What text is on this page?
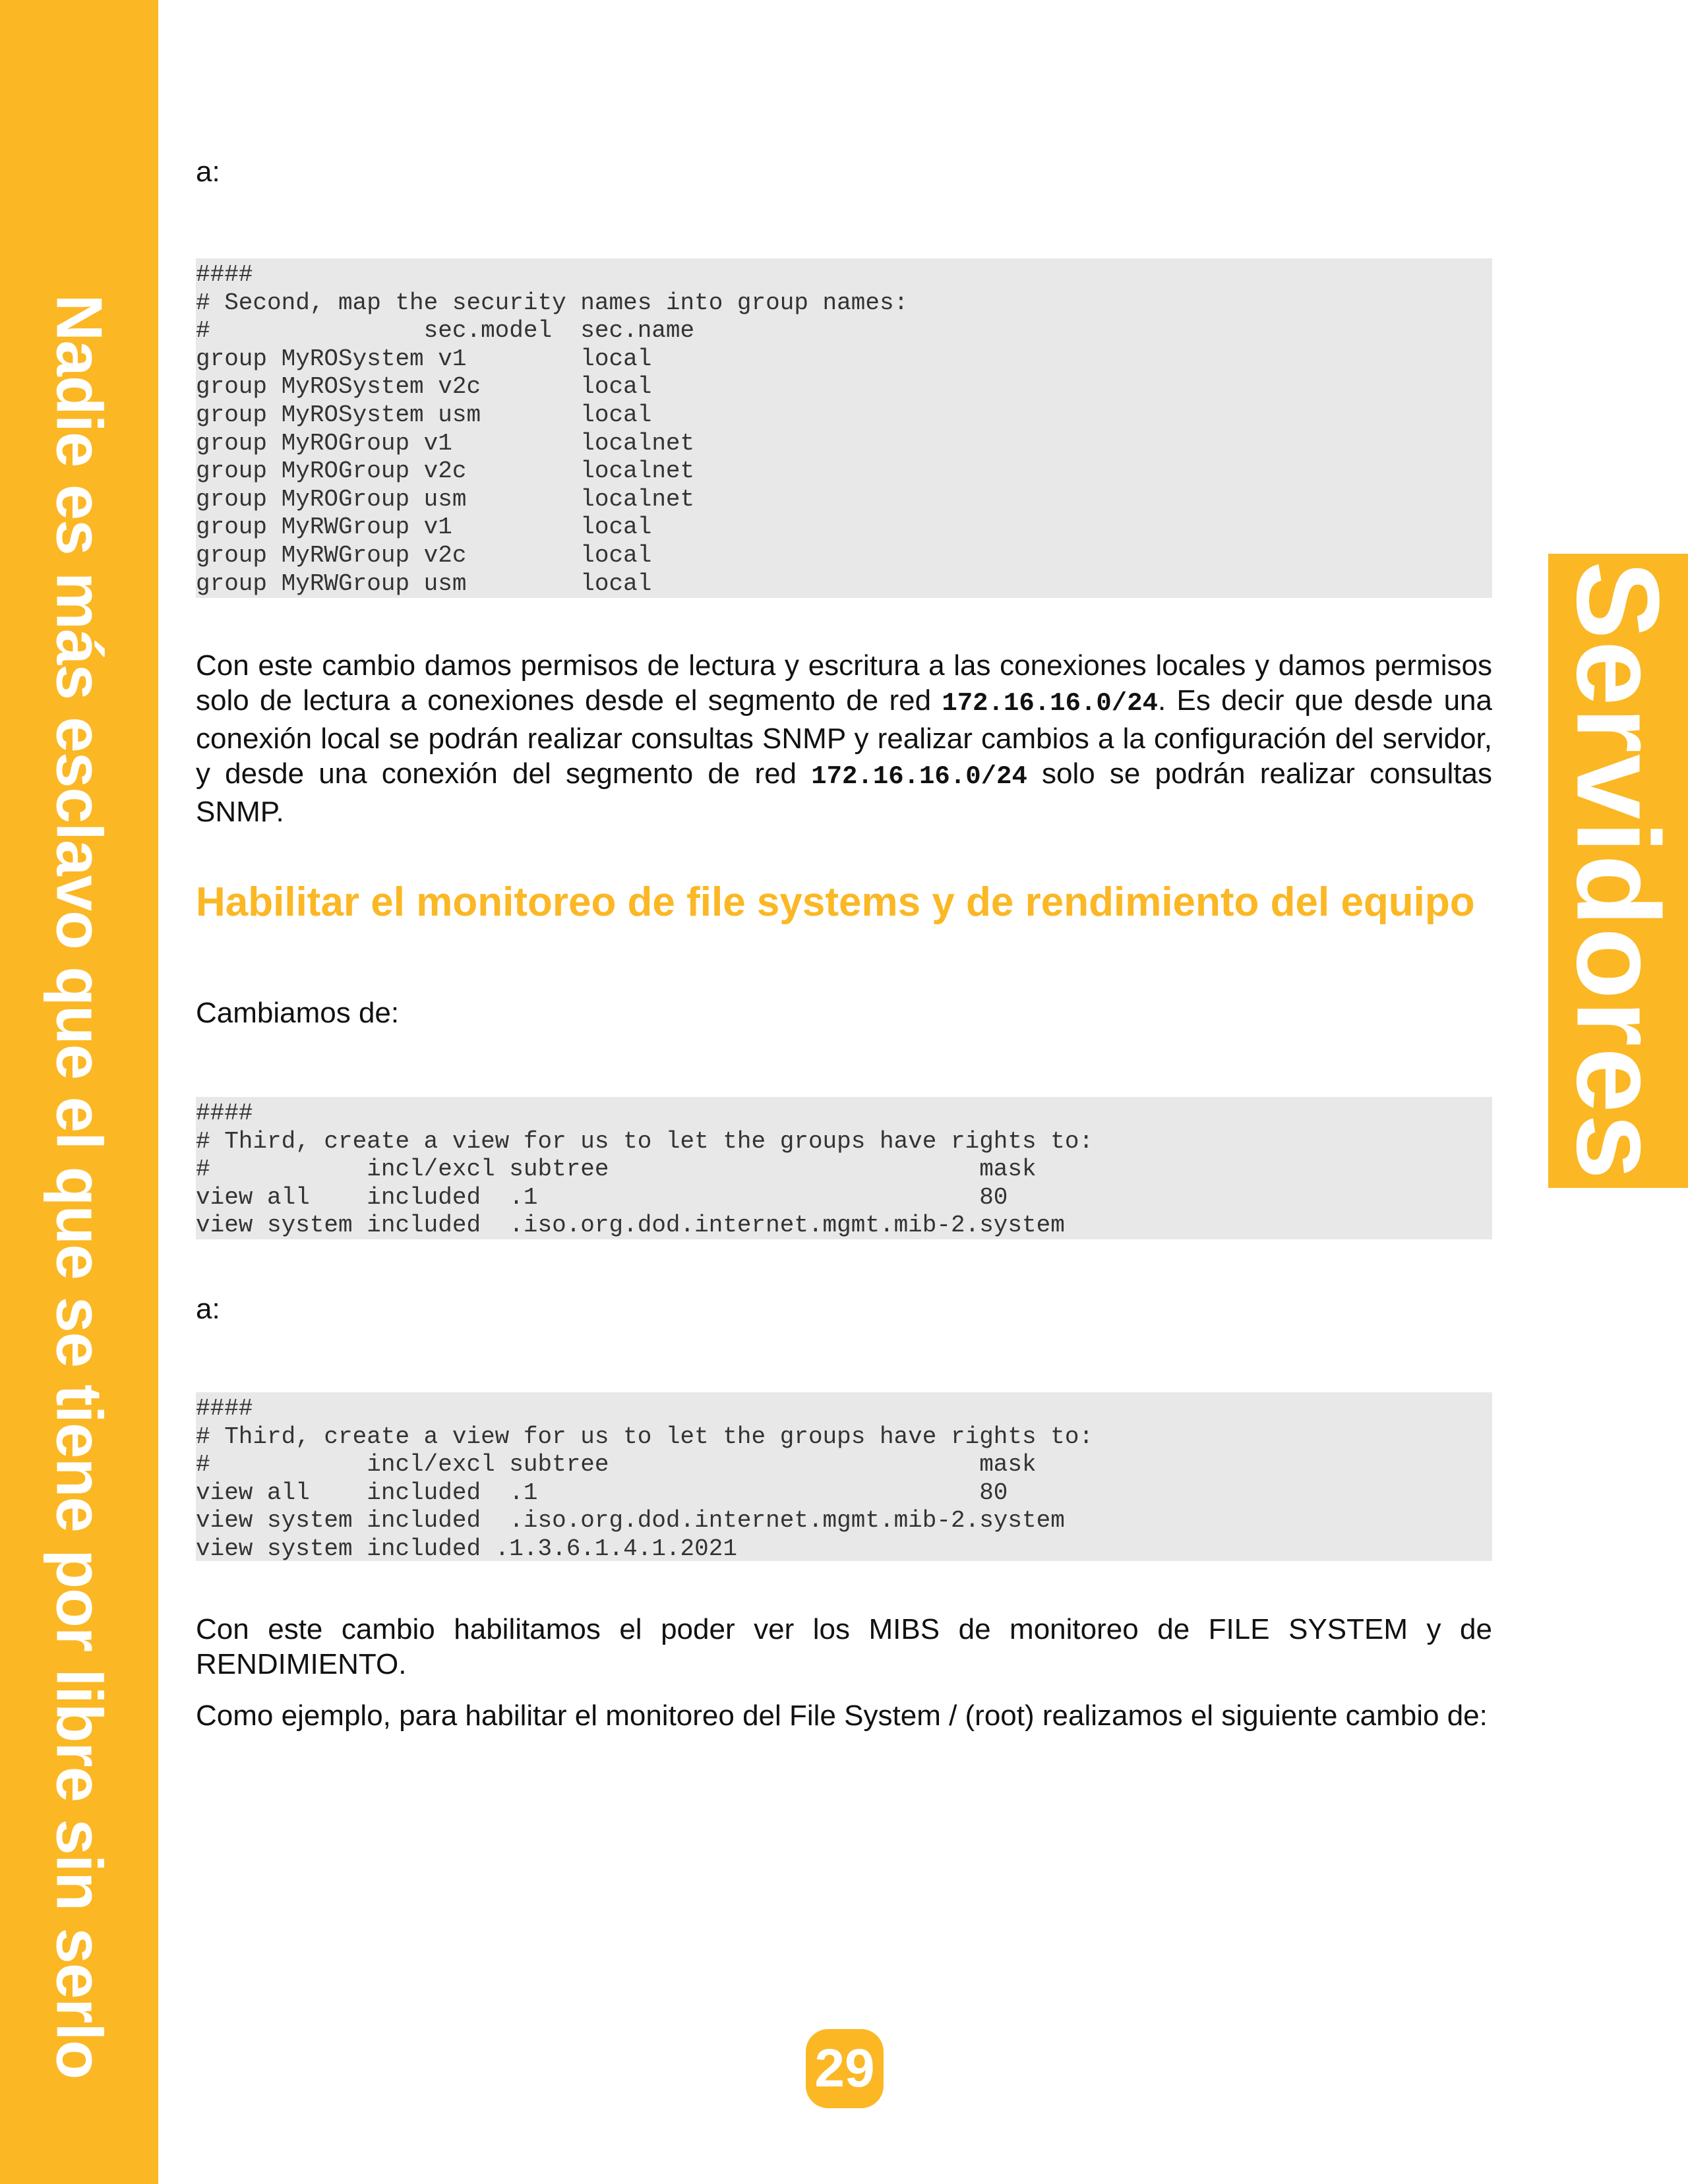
Nadie es más esclavo que el que se tiene por libre sin serlo	Servidores
a:
####
# Second, map the security names into group names:
#               sec.model  sec.name
group MyROSystem v1        local
group MyROSystem v2c       local
group MyROSystem usm       local
group MyROGroup v1         localnet
group MyROGroup v2c        localnet
group MyROGroup usm        localnet
group MyRWGroup v1         local
group MyRWGroup v2c        local
group MyRWGroup usm        local
Con este cambio damos permisos de lectura y escritura a las conexiones locales y damos permisos solo de lectura a conexiones desde el segmento de red 172.16.16.0/24. Es decir que desde una conexión local se podrán realizar consultas SNMP y realizar cambios a la configuración del servidor, y desde una conexión del segmento de red 172.16.16.0/24 solo se podrán realizar consultas SNMP.
Habilitar el monitoreo de file systems y de rendimiento del equipo
Cambiamos de:
####
# Third, create a view for us to let the groups have rights to:
#           incl/excl subtree                          mask
view all    included  .1                               80
view system included  .iso.org.dod.internet.mgmt.mib-2.system
a:
####
# Third, create a view for us to let the groups have rights to:
#           incl/excl subtree                          mask
view all    included  .1                               80
view system included  .iso.org.dod.internet.mgmt.mib-2.system
view system included .1.3.6.1.4.1.2021
Con este cambio habilitamos el poder ver los MIBS de monitoreo de FILE SYSTEM y de RENDIMIENTO.
Como ejemplo, para habilitar el monitoreo del File System / (root) realizamos el siguiente cambio de:
29
